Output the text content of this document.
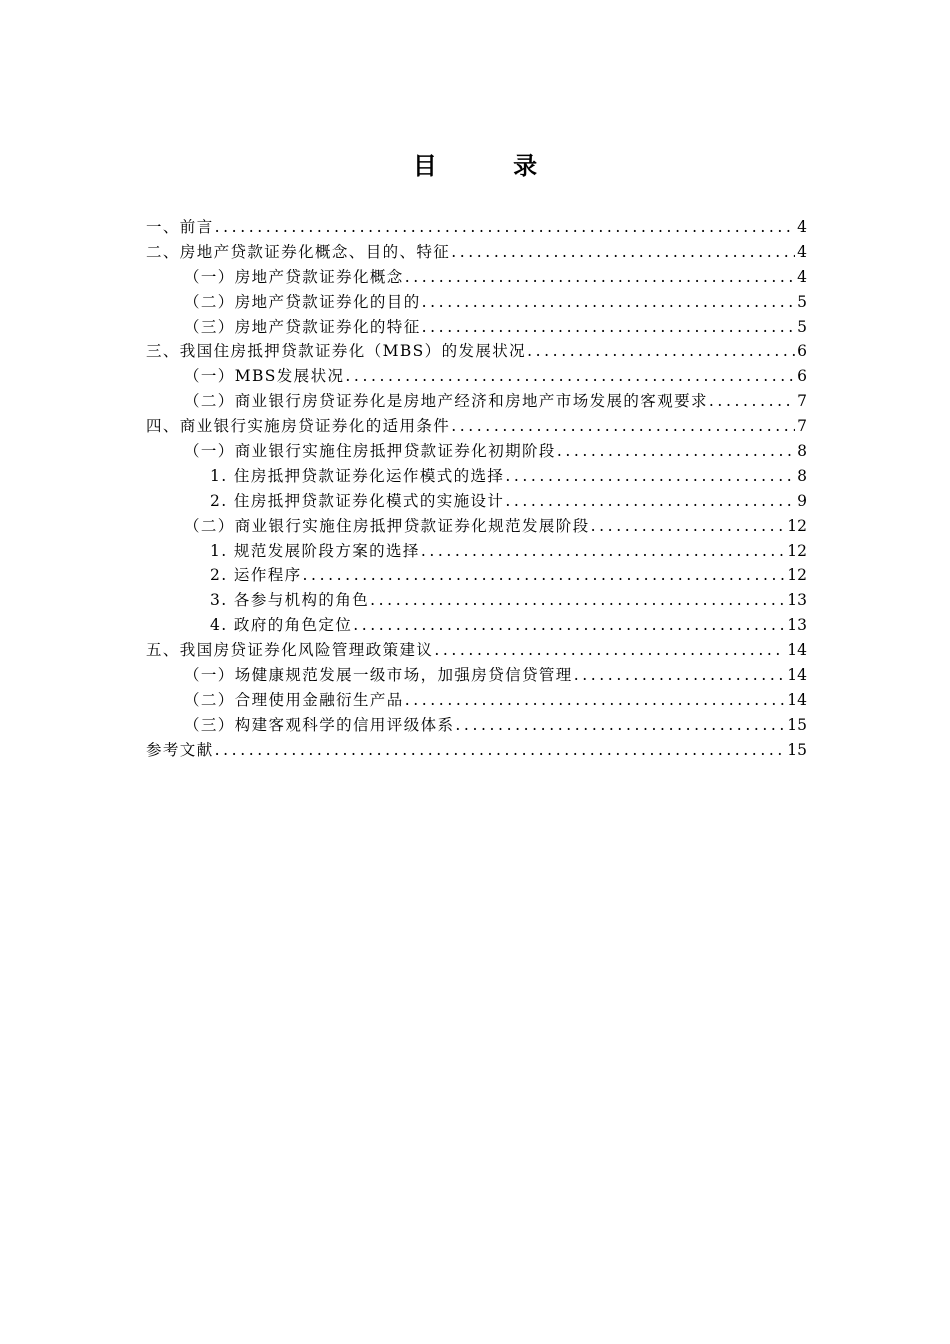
目 录
一、前言 .....	4
二、房地产贷款证券化概念、目的、特征 .....	4
（一）房地产贷款证券化概念 .....	4
（二）房地产贷款证券化的目的 .....	5
（三）房地产贷款证券化的特征 .....	5
三、我国住房抵押贷款证券化（MBS）的发展状况 .....	6
（一）MBS发展状况 .....	6
（二）商业银行房贷证券化是房地产经济和房地产市场发展的客观要求 .....	7
四、商业银行实施房贷证券化的适用条件 .....	7
（一）商业银行实施住房抵押贷款证券化初期阶段 .....	8
1. 住房抵押贷款证券化运作模式的选择 .....	8
2. 住房抵押贷款证券化模式的实施设计 .....	9
（二）商业银行实施住房抵押贷款证券化规范发展阶段 .....	12
1. 规范发展阶段方案的选择 .....	12
2. 运作程序 .....	12
3. 各参与机构的角色 .....	13
4. 政府的角色定位 .....	13
五、我国房贷证券化风险管理政策建议 .....	14
（一）场健康规范发展一级市场，加强房贷信贷管理 .....	14
（二）合理使用金融衍生产品 .....	14
（三）构建客观科学的信用评级体系 .....	15
参考文献 .....	15
